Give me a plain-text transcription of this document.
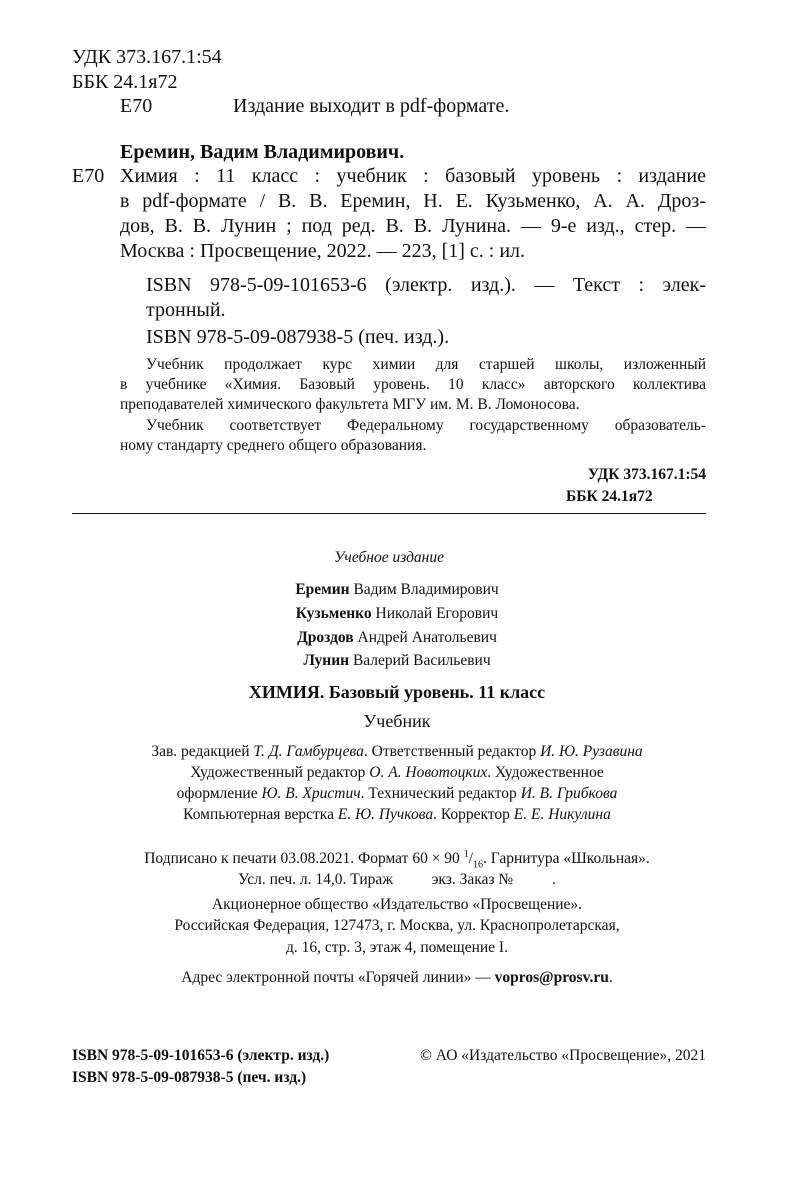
УДК 373.167.1:54
ББК 24.1я72
Е70	Издание выходит в pdf-формате.
Еремин, Вадим Владимирович.
Е70 Химия : 11 класс : учебник : базовый уровень : издание
в pdf-формате / В. В. Еремин, Н. Е. Кузьменко, А. А. Дроз-
дов, В. В. Лунин ; под ред. В. В. Лунина. — 9-е изд., стер. —
Москва : Просвещение, 2022. — 223, [1] с. : ил.
ISBN 978-5-09-101653-6 (электр. изд.). — Текст : элек-
тронный.
ISBN 978-5-09-087938-5 (печ. изд.).
Учебник продолжает курс химии для старшей школы, изложенный
в учебнике «Химия. Базовый уровень. 10 класс» авторского коллектива
преподавателей химического факультета МГУ им. М. В. Ломоносова.
Учебник соответствует Федеральному государственному образователь-
ному стандарту среднего общего образования.
УДК 373.167.1:54
ББК 24.1я72
Учебное издание
Еремин Вадим Владимирович
Кузьменко Николай Егорович
Дроздов Андрей Анатольевич
Лунин Валерий Васильевич
ХИМИЯ. Базовый уровень. 11 класс
Учебник
Зав. редакцией Т. Д. Гамбурцева. Ответственный редактор И. Ю. Рузавина
Художественный редактор О. А. Новотоцких. Художественное
оформление Ю. В. Христич. Технический редактор И. В. Грибкова
Компьютерная верстка Е. Ю. Пучкова. Корректор Е. Е. Никулина
Подписано к печати 03.08.2021. Формат 60 × 90 $^1/_{16}$. Гарнитура «Школьная».
Усл. печ. л. 14,0. Тираж          экз. Заказ №          .
Акционерное общество «Издательство «Просвещение».
Российская Федерация, 127473, г. Москва, ул. Краснопролетарская,
д. 16, стр. 3, этаж 4, помещение I.
Адрес электронной почты «Горячей линии» — vopros@prosv.ru.
ISBN 978-5-09-101653-6 (электр. изд.)
ISBN 978-5-09-087938-5 (печ. изд.)
© АО «Издательство «Просвещение», 2021
